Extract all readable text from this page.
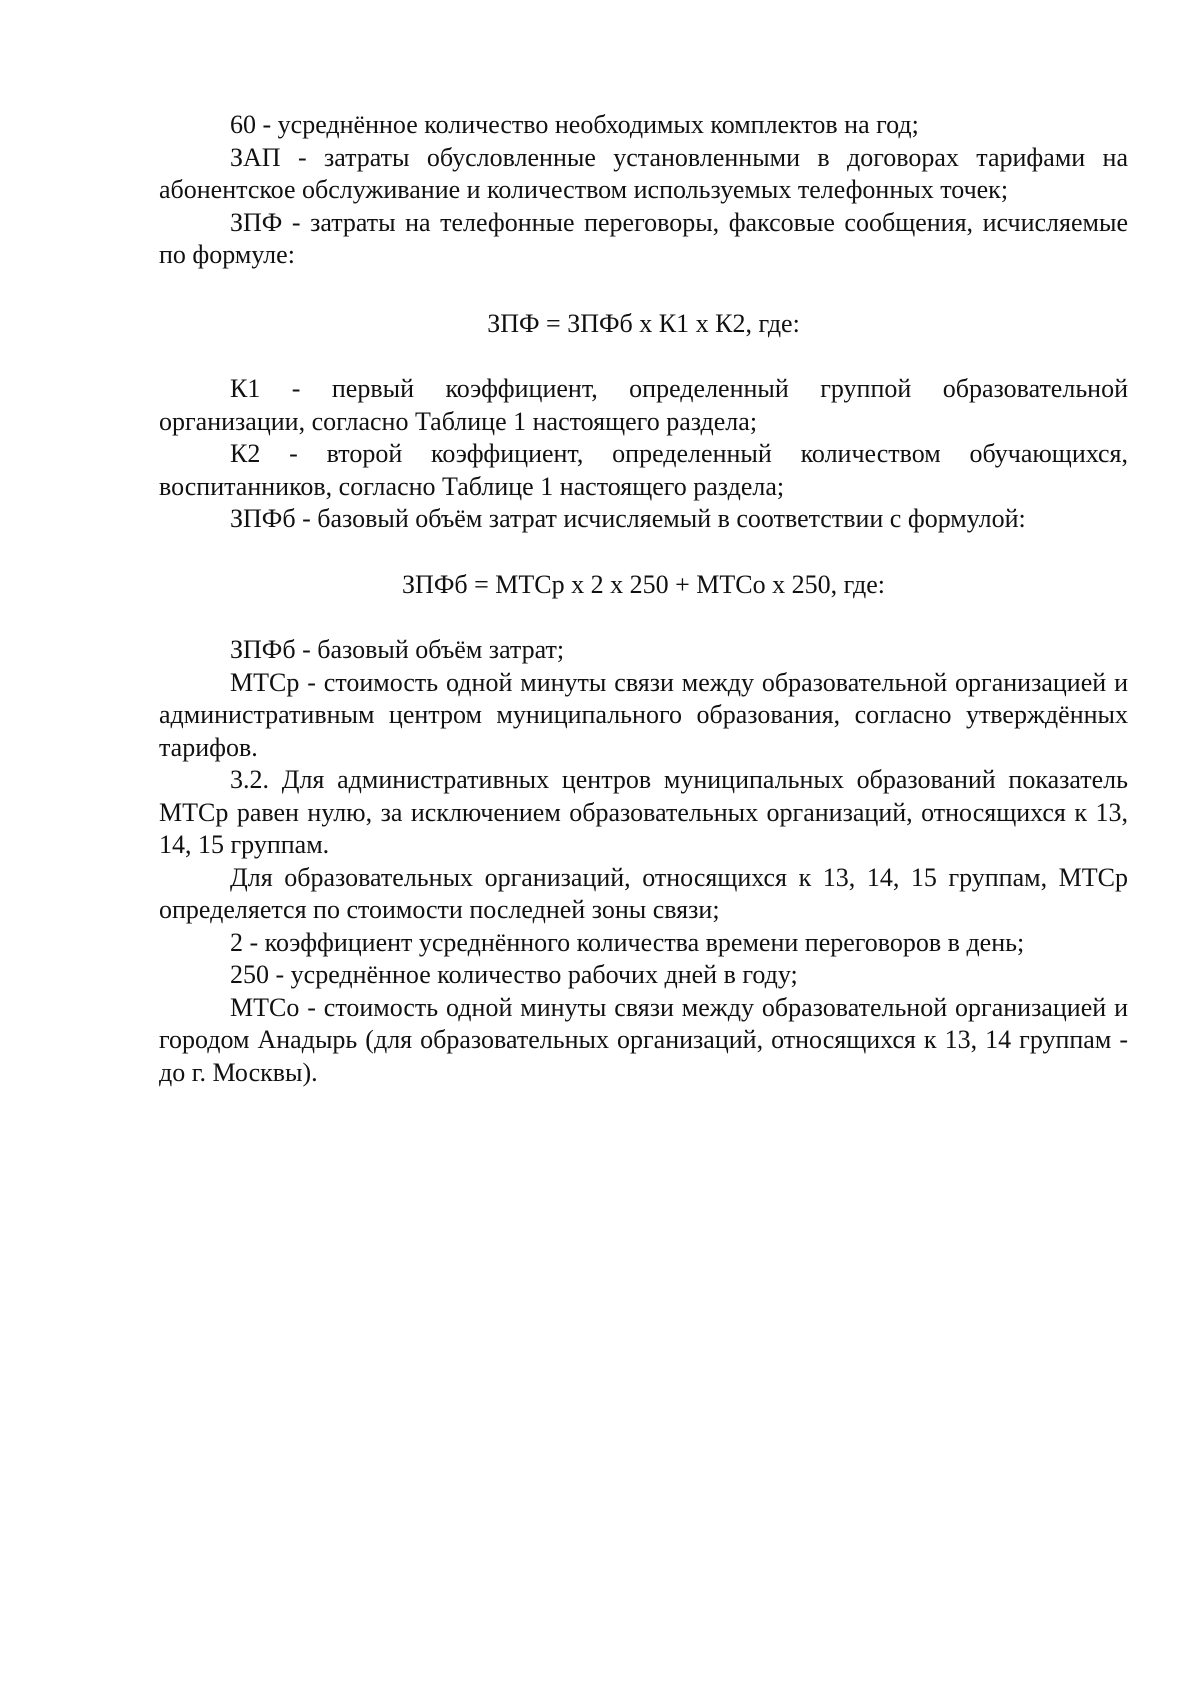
60 - усреднённое количество необходимых комплектов на год;

ЗАП - затраты обусловленные установленными в договорах тарифами на абонентское обслуживание и количеством используемых телефонных точек;

ЗПФ - затраты на телефонные переговоры, факсовые сообщения, исчисляемые по формуле:

ЗПФ = ЗПФб х К1 х К2, где:

К1 - первый коэффициент, определенный группой образовательной организации, согласно Таблице 1 настоящего раздела;

К2 - второй коэффициент, определенный количеством обучающихся, воспитанников, согласно Таблице 1 настоящего раздела;

ЗПФб - базовый объём затрат исчисляемый в соответствии с формулой:

ЗПФб = МТСр х 2 х 250 + МТСо х 250, где:

ЗПФб - базовый объём затрат;

МТСр - стоимость одной минуты связи между образовательной организацией и административным центром муниципального образования, согласно утверждённых тарифов.

3.2. Для административных центров муниципальных образований показатель МТСр равен нулю, за исключением образовательных организаций, относящихся к 13, 14, 15 группам.

Для образовательных организаций, относящихся к 13, 14, 15 группам, МТСр определяется по стоимости последней зоны связи;

2 - коэффициент усреднённого количества времени переговоров в день;

250 - усреднённое количество рабочих дней в году;

МТСо - стоимость одной минуты связи между образовательной организацией и городом Анадырь (для образовательных организаций, относящихся к 13, 14 группам - до г. Москвы).
